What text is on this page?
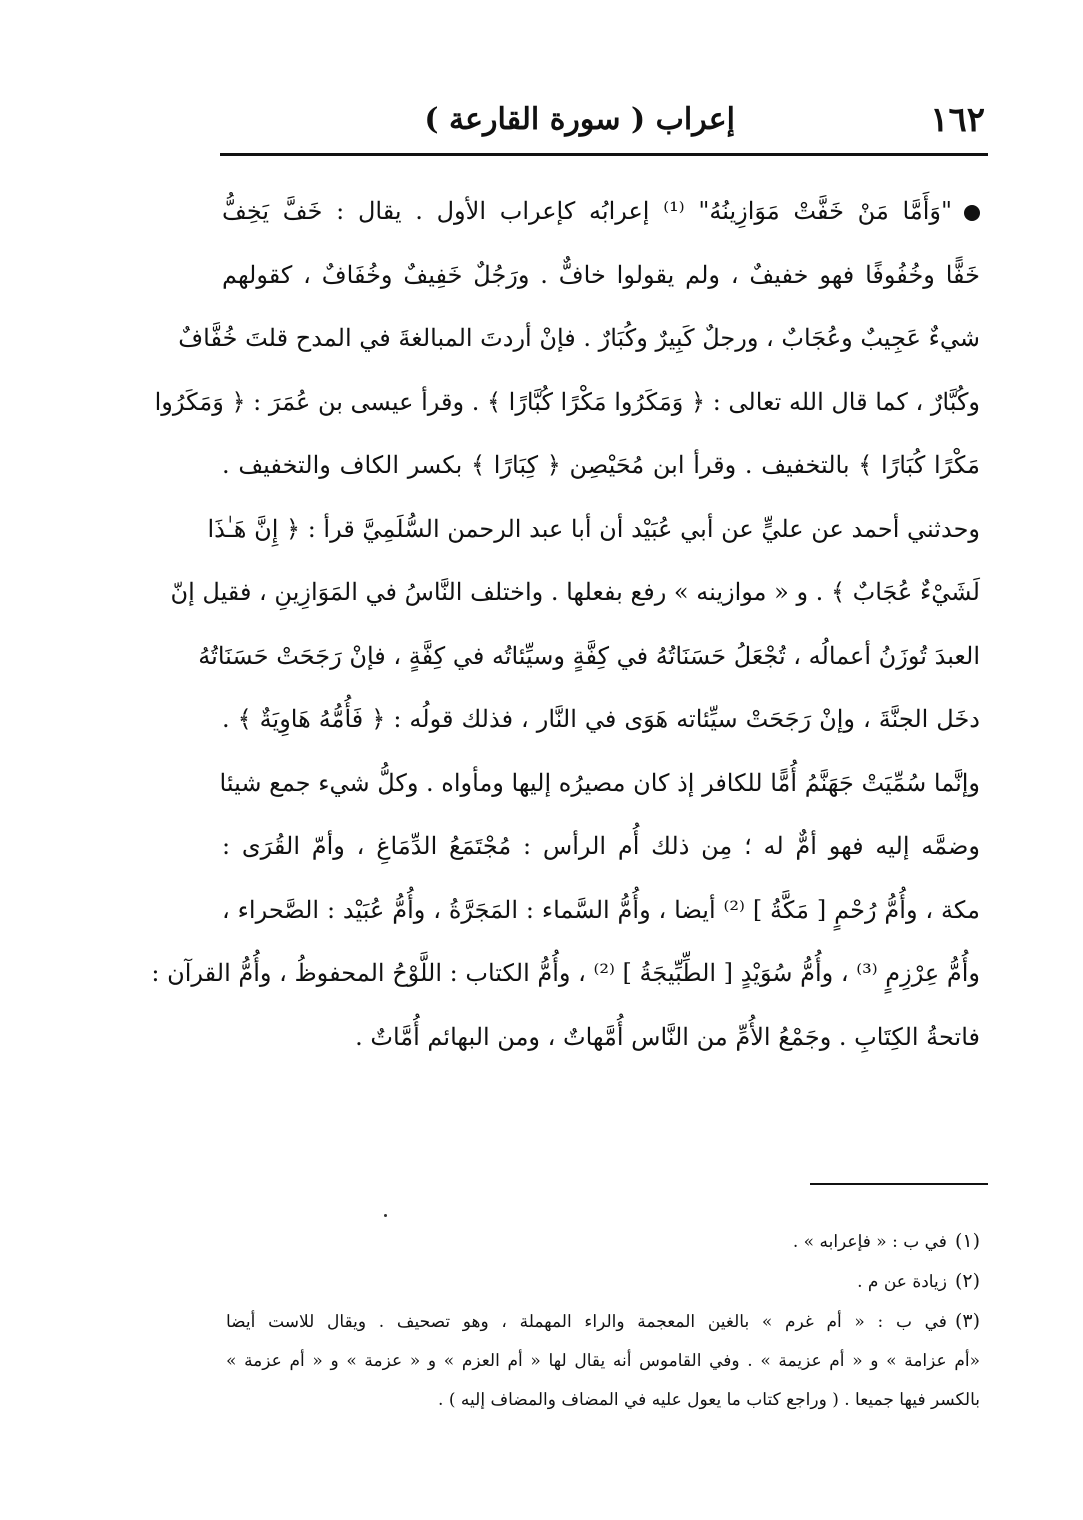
١٦٢
إعراب ( سورة القارعة )
"وَأَمَّا مَنْ خَفَّتْ مَوَازِينُهُ" ⁽¹⁾ إعرابُه كإعراب الأول . يقال : خَفَّ يَخِفُّ
خَفًّا وخُفُوفًا فهو خفيفٌ ، ولم يقولوا خافٌّ . ورَجُلٌ خَفِيفٌ وخُفَافٌ ، كقولهم
شيءٌ عَجِيبٌ وعُجَابٌ ، ورجلٌ كَبِيرٌ وكُبَارٌ . فإنْ أردتَ المبالغةَ في المدح قلتَ خُفَّافٌ
وكُبَّارٌ ، كما قال الله تعالى : ﴿ وَمَكَرُوا مَكْرًا كُبَّارًا ﴾ . وقرأ عيسى بن عُمَرَ : ﴿ وَمَكَرُوا
مَكْرًا كُبَارًا ﴾ بالتخفيف . وقرأ ابن مُحَيْصِن ﴿ كِبَارًا ﴾ بكسر الكاف والتخفيف .
وحدثني أحمد عن عليٍّ عن أبي عُبَيْد أن أبا عبد الرحمن السُّلَمِيَّ قرأ : ﴿ إِنَّ هَـٰذَا
لَشَيْءٌ عُجَابٌ ﴾ . و « موازينه » رفع بفعلها . واختلف النَّاسُ في المَوَازِينِ ، فقيل إنّ
العبدَ تُوزَنُ أعمالُه ، تُجْعَلُ حَسَنَاتُهُ في كِفَّةٍ وسيِّئاتُه في كِفَّةٍ ، فإنْ رَجَحَتْ حَسَنَاتُهُ
دخَل الجنَّةَ ، وإنْ رَجَحَتْ سيِّئاته هَوَى في النَّار ، فذلك قولُه : ﴿ فَأُمُّهُ هَاوِيَةٌ ﴾ .
وإنَّما سُمِّيَتْ جَهَنَّمُ أُمًّا للكافر إذ كان مصيرُه إليها ومأواه . وكلُّ شيء جمع شيئا
وضمَّه إليه فهو أمٌّ له ؛ مِن ذلك أُم الرأس : مُجْتَمَعُ الدِّمَاغِ ، وأمّ القُرَى :
مكة ، وأُمُّ رُحْمٍ [ مَكَّةُ ] ⁽²⁾ أيضا ، وأُمُّ السَّماء : المَجَرَّةُ ، وأُمُّ عُبَيْد : الصَّحراء ،
وأُمُّ عِرْزِمٍ ⁽³⁾ ، وأُمُّ سُوَيْدٍ [ الطِّبِّيجَةُ ] ⁽²⁾ ، وأُمُّ الكتاب : اللَّوْحُ المحفوظُ ، وأُمُّ القرآن :
فاتحةُ الكِتَابِ . وجَمْعُ الأُمِّ من النَّاس أُمَّهاتٌ ، ومن البهائم أُمَّاتٌ .
(١)في ب : « فإعرابه » .
(٢)زيادة عن م .
(٣)في ب : « أم غرم » بالغين المعجمة والراء المهملة ، وهو تصحيف . ويقال للاست أيضا
«أم عزامة » و « أم عزيمة » . وفي القاموس أنه يقال لها « أم العزم » و « عزمة » و « أم عزمة »
بالكسر فيها جميعا . ( وراجع كتاب ما يعول عليه في المضاف والمضاف إليه ) .
